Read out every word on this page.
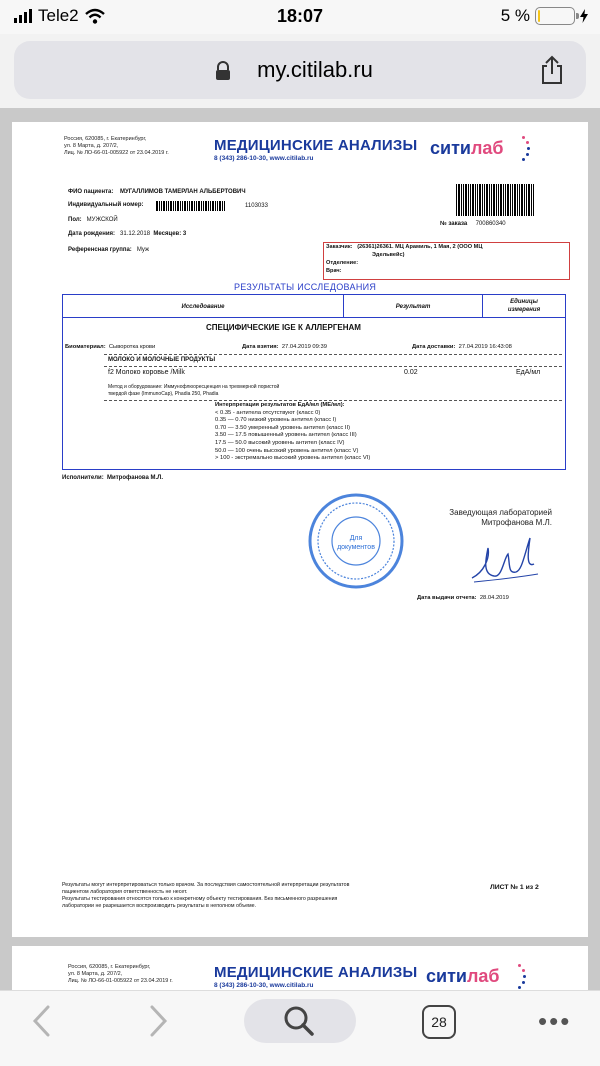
Tele2	18:07	5 %
my.citilab.ru
Россия, 620085, г. Екатеринбург,
ул. 8 Марта, д. 207/2,
Лиц. № ЛО-66-01-005922 от 23.04.2019 г.	МЕДИЦИНСКИЕ АНАЛИЗЫ
8 (343) 286-10-30, www.citilab.ru
ситилаб
ФИО пациента: МУГАЛЛИМОВ ТАМЕРЛАН АЛЬБЕРТОВИЧ
Индивидуальный номер:	1103033
Пол: МУЖСКОЙ
Дата рождения: 31.12.2018 Месяцев: 3
Референсная группа: Муж
№ заказа 700860340
Заказчик: (26361)26361. МЦ Арамиль, 1 Мая, 2 (ООО МЦ
Эдельвейс)
Отделение:
Врач:
РЕЗУЛЬТАТЫ ИССЛЕДОВАНИЯ
Исследование	Результат
Единицы
измерения
СПЕЦИФИЧЕСКИЕ IGE К АЛЛЕРГЕНАМ
Биоматериал: Сыворотка крови	Дата взятия: 27.04.2019 09:39	Дата доставки: 27.04.2019 16:43:08
МОЛОКО И МОЛОЧНЫЕ ПРОДУКТЫ
f2 Молоко коровье /Milk	0.02	ЕдА/мл
Метод и оборудование: Иммунофлюоресценция на трехмерной пористой
твердой фазе (ImmunoCap), Phadia 250, Phadia
Интерпретация результатов ЕдА/мл (МЕ/мл):
< 0.35 - антитела отсутствуют (класс 0)
0.35 — 0.70 низкий уровень антител (класс I)
0.70 — 3.50 умеренный уровень антител (класс II)
3.50 — 17.5 повышенный уровень антител (класс III)
17.5 — 50.0 высокий уровень антител (класс IV)
50.0 — 100 очень высокий уровень антител (класс V)
> 100 - экстремально высокий уровень антител (класс VI)
Исполнители: Митрофанова М.Л.
Для
документов
Заведующая лабораторией
Митрофанова М.Л.
Дата выдачи отчета: 28.04.2019
Результаты могут интерпретироваться только врачом. За последствия самостоятельной интерпретации результатов
пациентом лаборатория ответственность не несет.
Результаты тестирования относятся только к конкретному объекту тестирования. Без письменного разрешения
лаборатории не разрешается воспроизводить результаты в неполном объеме.
ЛИСТ № 1 из 2
Россия, 620085, г. Екатеринбург,
ул. 8 Марта, д. 207/2,
Лиц. № ЛО-66-01-005922 от 23.04.2019 г.	МЕДИЦИНСКИЕ АНАЛИЗЫ
8 (343) 286-10-30, www.citilab.ru	ситилаб
28	•••
